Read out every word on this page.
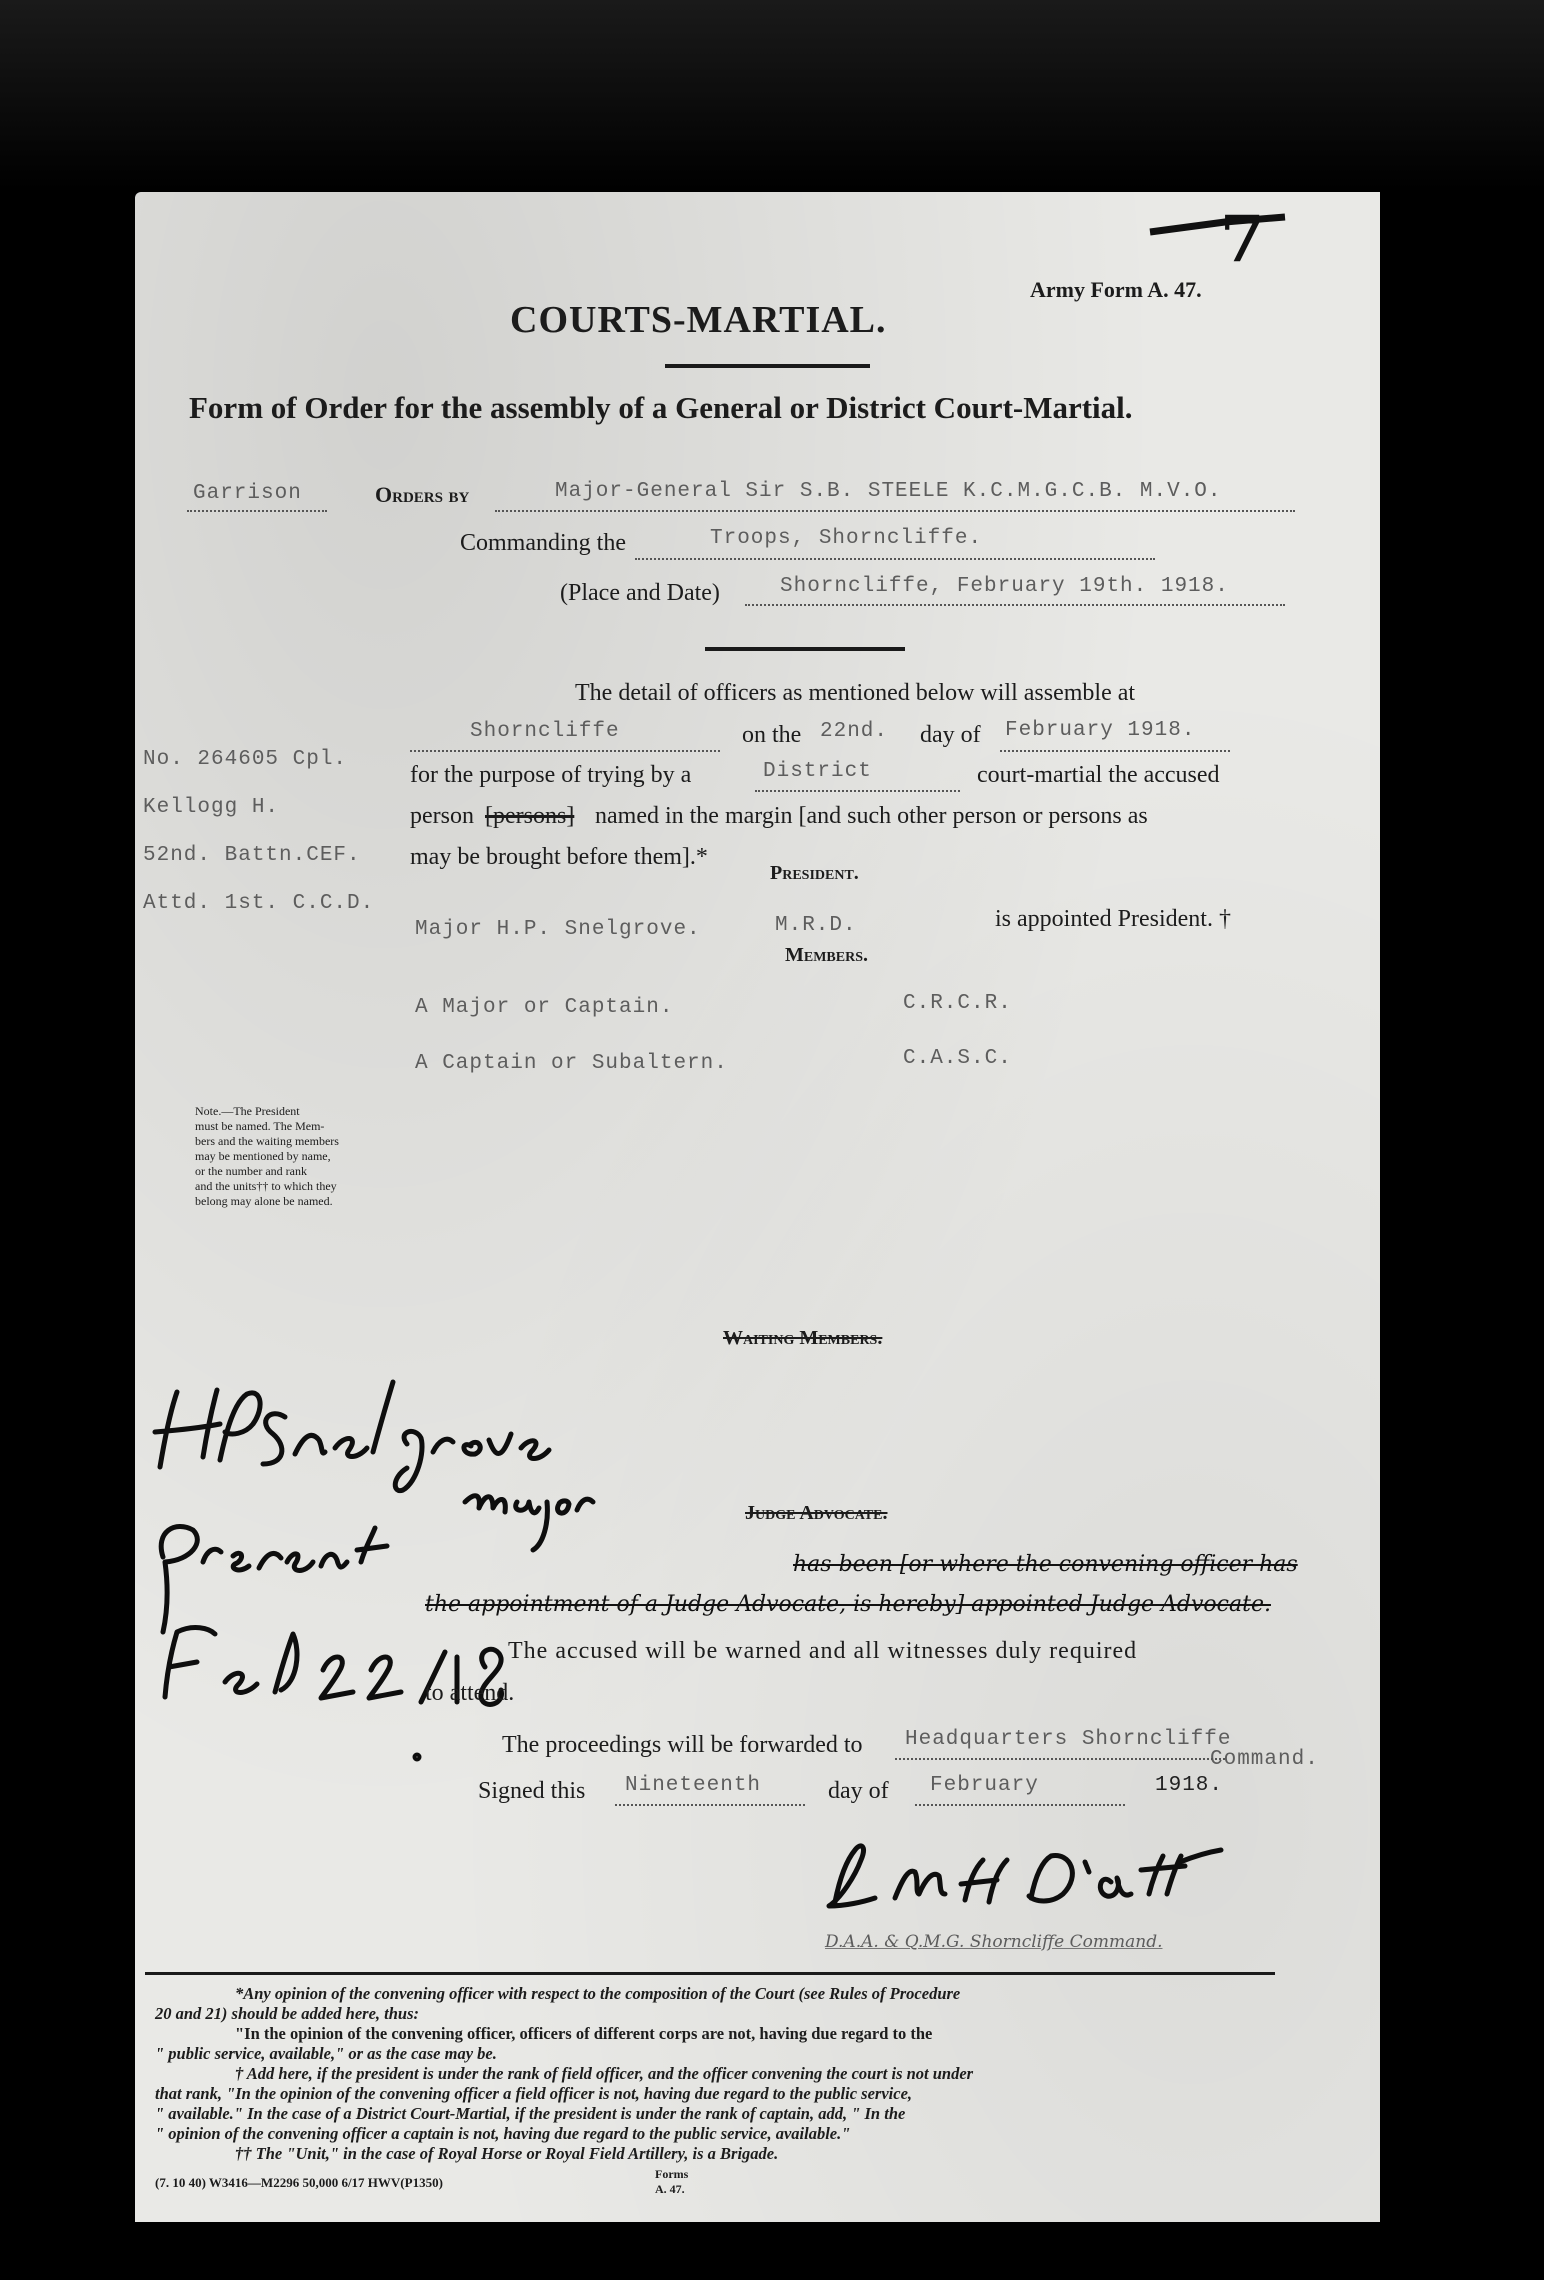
Army Form A. 47.
7
COURTS-MARTIAL.
Form of Order for the assembly of a General or District Court-Martial.
Garrison	Orders by	Major-General Sir S.B. STEELE K.C.M.G.C.B. M.V.O.
Commanding the	Troops, Shorncliffe.
(Place and Date)	Shorncliffe, February 19th. 1918.
The detail of officers as mentioned below will assemble at
Shorncliffe	on the 22nd. day of February 1918.
for the purpose of trying by a	District	court-martial the accused
person [persons] named in the margin [and such other person or persons as
may be brought before them].*
No. 264605 Cpl.
Kellogg H.
52nd. Battn.CEF.
Attd. 1st. C.C.D.
President.
Major H.P. Snelgrove.	M.R.D.	is appointed President. †
Members.
A Major or Captain.	C.R.C.R.
A Captain or Subaltern.	C.A.S.C.
Note.—The President
must be named. The Mem-
bers and the waiting members
may be mentioned by name,
or the number and rank
and the units†† to which they
belong may alone be named.
Waiting Members.
Judge Advocate.
has been [or where the convening officer has
the appointment of a Judge Advocate, is hereby] appointed Judge Advocate.
The accused will be warned and all witnesses duly required
to attend.
The proceedings will be forwarded to Headquarters Shorncliffe
Command.
Signed this Nineteenth	day of February	1918.
D.A.A. & Q.M.G. Shorncliffe Command.
*Any opinion of the convening officer with respect to the composition of the Court (see Rules of Procedure
20 and 21) should be added here, thus:
"In the opinion of the convening officer, officers of different corps are not, having due regard to the
" public service, available," or as the case may be.
† Add here, if the president is under the rank of field officer, and the officer convening the court is not under
that rank, "In the opinion of the convening officer a field officer is not, having due regard to the public service,
" available." In the case of a District Court-Martial, if the president is under the rank of captain, add, " In the
" opinion of the convening officer a captain is not, having due regard to the public service, available."
†† The "Unit," in the case of Royal Horse or Royal Field Artillery, is a Brigade.
(7. 10 40) W3416—M2296 50,000 6/17 HWV(P1350)
Forms
A. 47.
